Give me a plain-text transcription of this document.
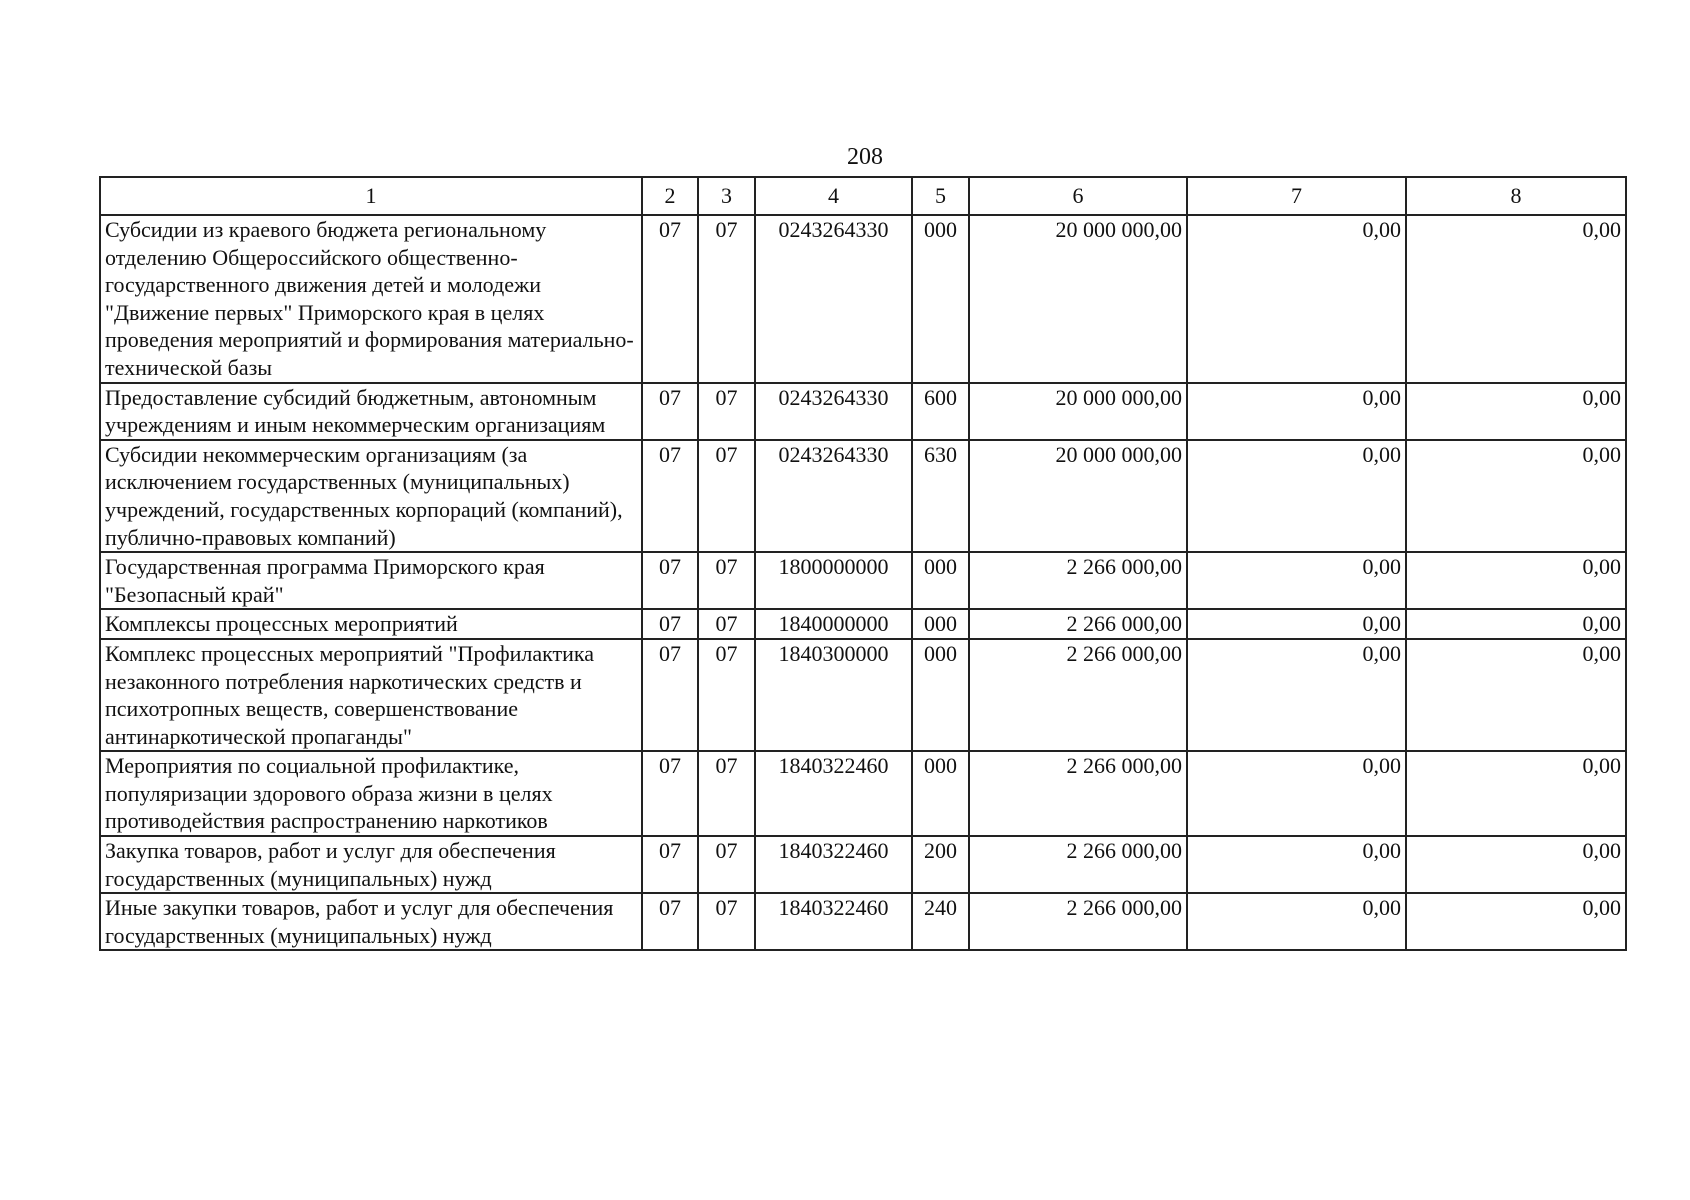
208
1	2	3	4	5	6	7	8
Субсидии из краевого бюджета региональному отделению Общероссийского общественно-государственного движения детей и молодежи "Движение первых" Приморского края в целях проведения мероприятий и формирования материально-технической базы	07	07	0243264330	000	20 000 000,00	0,00	0,00
Предоставление субсидий бюджетным, автономным учреждениям и иным некоммерческим организациям	07	07	0243264330	600	20 000 000,00	0,00	0,00
Субсидии некоммерческим организациям (за исключением государственных (муниципальных) учреждений, государственных корпораций (компаний), публично-правовых компаний)	07	07	0243264330	630	20 000 000,00	0,00	0,00
Государственная программа Приморского края "Безопасный край"	07	07	1800000000	000	2 266 000,00	0,00	0,00
Комплексы процессных мероприятий	07	07	1840000000	000	2 266 000,00	0,00	0,00
Комплекс процессных мероприятий "Профилактика незаконного потребления наркотических средств и психотропных веществ, совершенствование антинаркотической пропаганды"	07	07	1840300000	000	2 266 000,00	0,00	0,00
Мероприятия по социальной профилактике, популяризации здорового образа жизни в целях противодействия распространению наркотиков	07	07	1840322460	000	2 266 000,00	0,00	0,00
Закупка товаров, работ и услуг для обеспечения государственных (муниципальных) нужд	07	07	1840322460	200	2 266 000,00	0,00	0,00
Иные закупки товаров, работ и услуг для обеспечения государственных (муниципальных) нужд	07	07	1840322460	240	2 266 000,00	0,00	0,00
